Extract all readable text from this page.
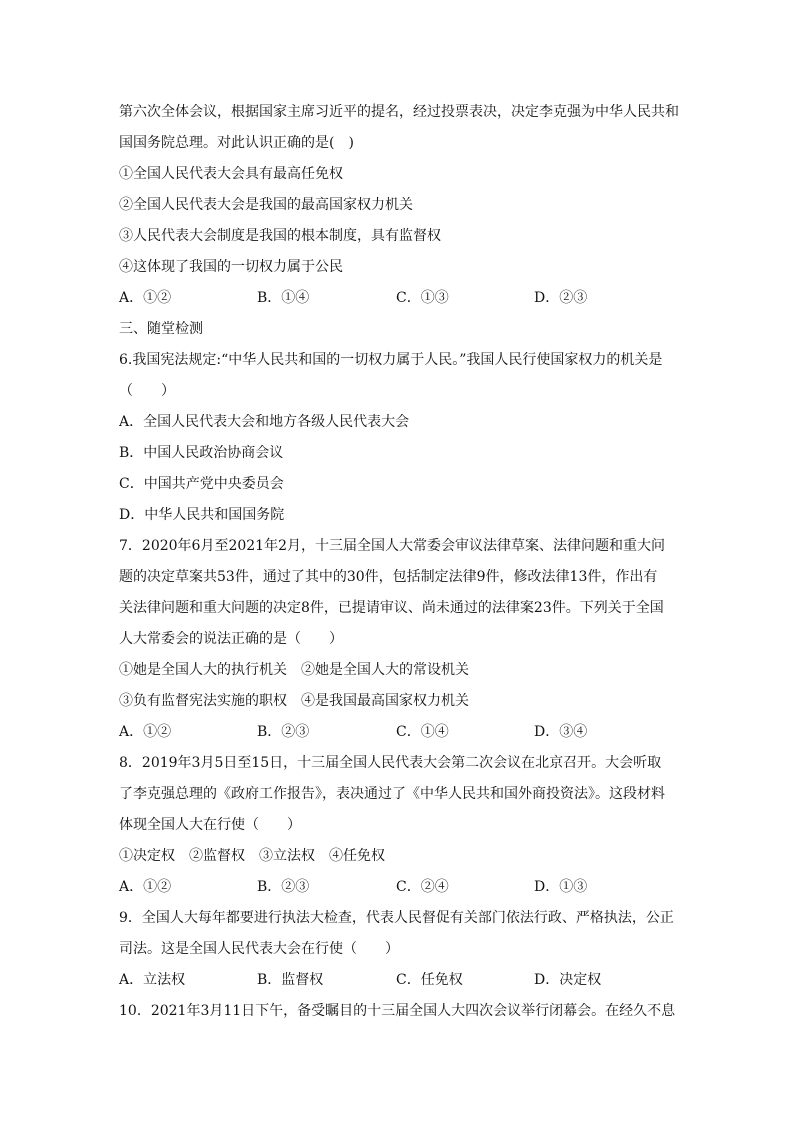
第六次全体会议，根据国家主席习近平的提名，经过投票表决，决定李克强为中华人民共和
国国务院总理。对此认识正确的是(　)
①全国人民代表大会具有最高任免权
②全国人民代表大会是我国的最高国家权力机关
③人民代表大会制度是我国的根本制度，具有监督权
④这体现了我国的一切权力属于公民
A．①②	B．①④	C．①③	D．②③
三、随堂检测
6.我国宪法规定:“中华人民共和国的一切权力属于人民。”我国人民行使国家权力的机关是
（　　）
A．全国人民代表大会和地方各级人民代表大会
B．中国人民政治协商会议
C．中国共产党中央委员会
D．中华人民共和国国务院
7．2020年6月至2021年2月，十三届全国人大常委会审议法律草案、法律问题和重大问
题的决定草案共53件，通过了其中的30件，包括制定法律9件，修改法律13件，作出有
关法律问题和重大问题的决定8件，已提请审议、尚未通过的法律案23件。下列关于全国
人大常委会的说法正确的是（　　）
①她是全国人大的执行机关　②她是全国人大的常设机关
③负有监督宪法实施的职权　④是我国最高国家权力机关
A．①②	B．②③	C．①④	D．③④
8．2019年3月5日至15日，十三届全国人民代表大会第二次会议在北京召开。大会听取
了李克强总理的《政府工作报告》，表决通过了《中华人民共和国外商投资法》。这段材料
体现全国人大在行使（　　）
①决定权　②监督权　③立法权　④任免权
A．①②	B．②③	C．②④	D．①③
9．全国人大每年都要进行执法大检查，代表人民督促有关部门依法行政、严格执法，公正
司法。这是全国人民代表大会在行使（　　）
A．立法权	B．监督权	C．任免权	D．决定权
10．2021年3月11日下午，备受瞩目的十三届全国人大四次会议举行闭幕会。在经久不息
